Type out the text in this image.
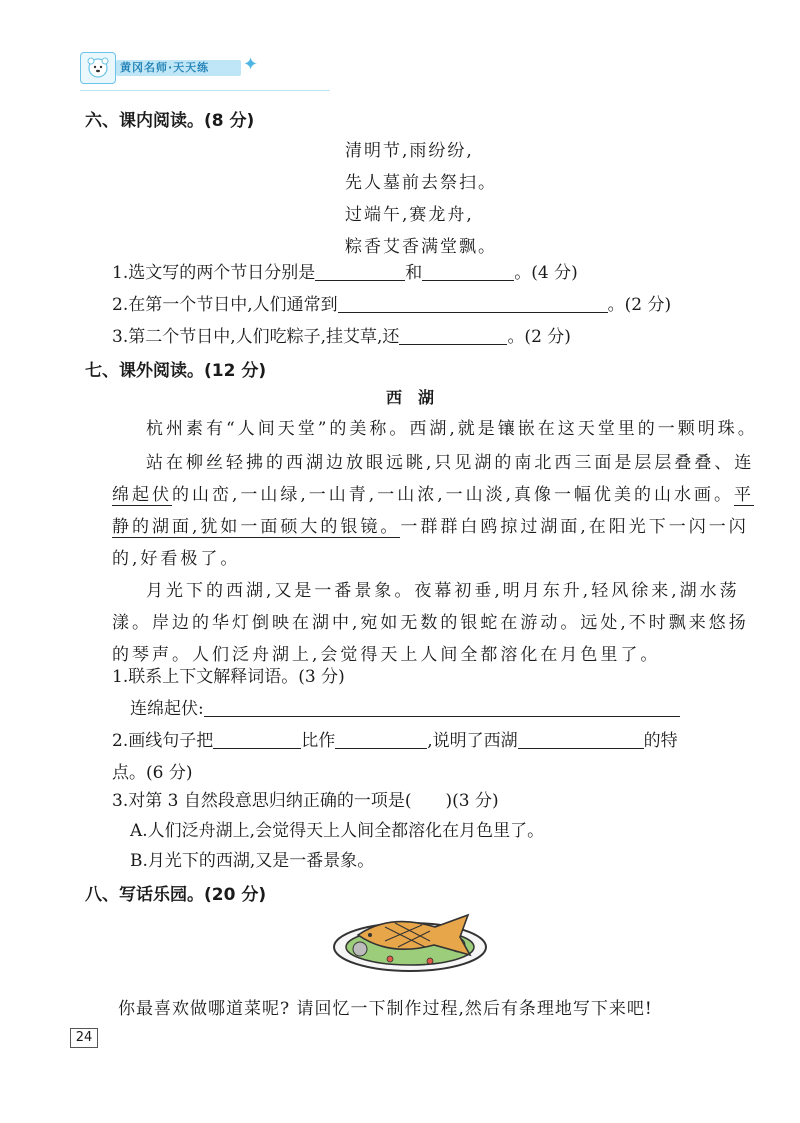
黄冈名师·天天练 ✦
六、课内阅读。(8 分)
清明节,雨纷纷,
先人墓前去祭扫。
过端午,赛龙舟,
粽香艾香满堂飘。
1.选文写的两个节日分别是	和	。(4 分)
2.在第一个节日中,人们通常到	。(2 分)
3.第二个节日中,人们吃粽子,挂艾草,还	。(2 分)
七、课外阅读。(12 分)
西　湖
杭州素有“人间天堂”的美称。西湖,就是镶嵌在这天堂里的一颗明珠。
站在柳丝轻拂的西湖边放眼远眺,只见湖的南北西三面是层层叠叠、连
绵起伏的山峦,一山绿,一山青,一山浓,一山淡,真像一幅优美的山水画。平
静的湖面,犹如一面硕大的银镜。一群群白鸥掠过湖面,在阳光下一闪一闪
的,好看极了。
月光下的西湖,又是一番景象。夜幕初垂,明月东升,轻风徐来,湖水荡
漾。岸边的华灯倒映在湖中,宛如无数的银蛇在游动。远处,不时飘来悠扬
的琴声。人们泛舟湖上,会觉得天上人间全都溶化在月色里了。
1.联系上下文解释词语。(3 分)
连绵起伏:
2.画线句子把	比作	,说明了西湖	的特
点。(6 分)
3.对第 3 自然段意思归纳正确的一项是(　　)(3 分)
A.人们泛舟湖上,会觉得天上人间全都溶化在月色里了。
B.月光下的西湖,又是一番景象。
八、写话乐园。(20 分)
你最喜欢做哪道菜呢? 请回忆一下制作过程,然后有条理地写下来吧!
24
